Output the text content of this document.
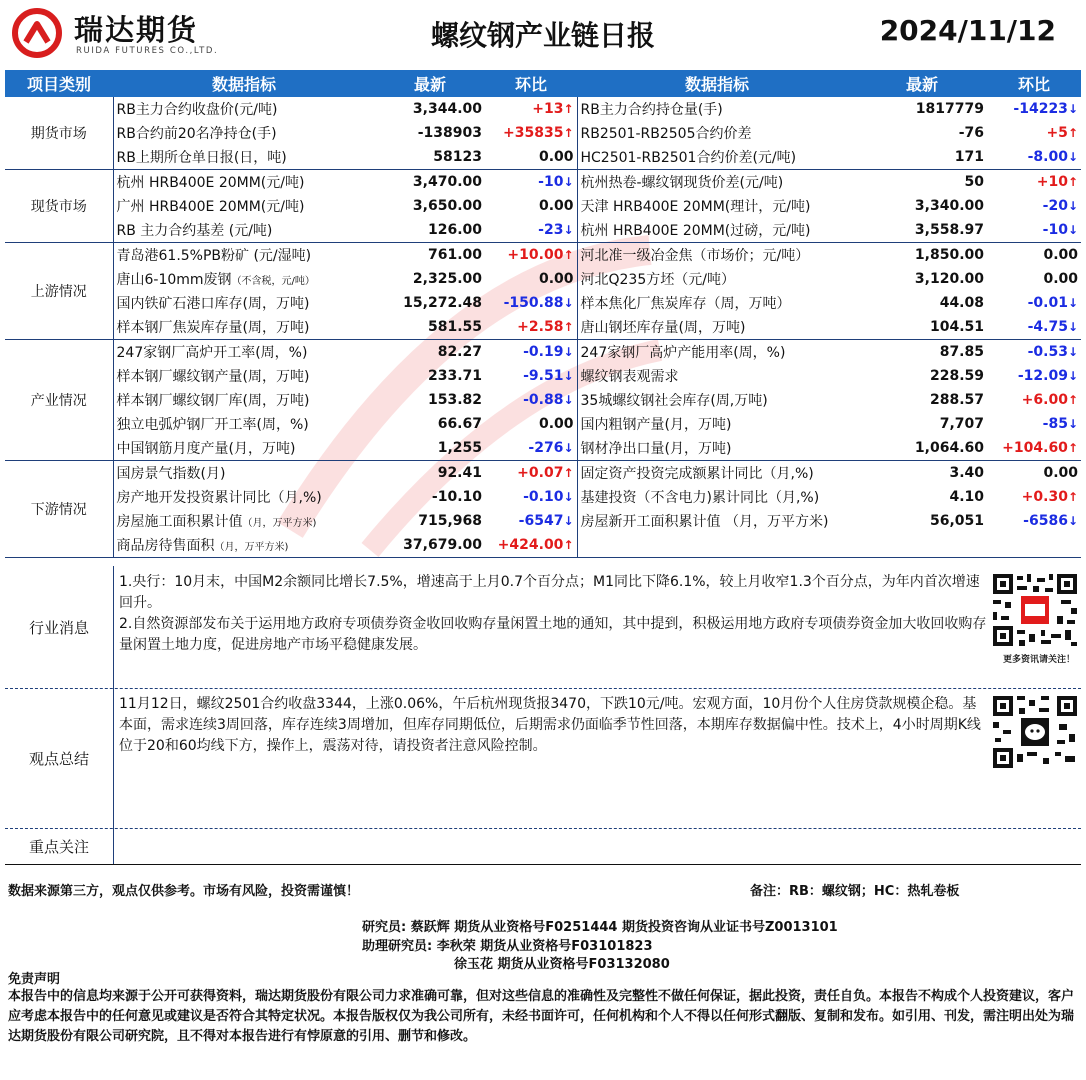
瑞达期货
RUIDA FUTURES CO.,LTD.	螺纹钢产业链日报	2024/11/12
项目类别	数据指标	最新	环比	数据指标	最新	环比
期货市场	RB主力合约收盘价(元/吨)	3,344.00	+13↑	RB主力合约持仓量(手)	1817779	-14223↓
	RB合约前20名净持仓(手)	-138903	+35835↑	RB2501-RB2505合约价差	-76	+5↑
	RB上期所仓单日报(日，吨)	58123	0.00	HC2501-RB2501合约价差(元/吨)	171	-8.00↓
现货市场	杭州 HRB400E 20MM(元/吨)	3,470.00	-10↓	杭州热卷-螺纹钢现货价差(元/吨)	50	+10↑
	广州 HRB400E 20MM(元/吨)	3,650.00	0.00	天津 HRB400E 20MM(理计，元/吨)	3,340.00	-20↓
	RB 主力合约基差 (元/吨)	126.00	-23↓	杭州 HRB400E 20MM(过磅，元/吨)	3,558.97	-10↓
上游情况	青岛港61.5%PB粉矿 (元/湿吨)	761.00	+10.00↑	河北准一级冶金焦（市场价；元/吨）	1,850.00	0.00
	唐山6-10mm废钢（不含税，元/吨）	2,325.00	0.00	河北Q235方坯（元/吨）	3,120.00	0.00
	国内铁矿石港口库存(周，万吨)	15,272.48	-150.88↓	样本焦化厂焦炭库存（周，万吨）	44.08	-0.01↓
	样本钢厂焦炭库存量(周，万吨)	581.55	+2.58↑	唐山钢坯库存量(周，万吨)	104.51	-4.75↓
产业情况	247家钢厂高炉开工率(周，%)	82.27	-0.19↓	247家钢厂高炉产能用率(周，%)	87.85	-0.53↓
	样本钢厂螺纹钢产量(周，万吨)	233.71	-9.51↓	螺纹钢表观需求	228.59	-12.09↓
	样本钢厂螺纹钢厂库(周，万吨)	153.82	-0.88↓	35城螺纹钢社会库存(周,万吨)	288.57	+6.00↑
	独立电弧炉钢厂开工率(周，%)	66.67	0.00	国内粗钢产量(月，万吨)	7,707	-85↓
	中国钢筋月度产量(月，万吨)	1,255	-276↓	钢材净出口量(月，万吨)	1,064.60	+104.60↑
下游情况	国房景气指数(月)	92.41	+0.07↑	固定资产投资完成额累计同比（月,%)	3.40	0.00
	房产地开发投资累计同比（月,%)	-10.10	-0.10↓	基建投资（不含电力)累计同比（月,%)	4.10	+0.30↑
	房屋施工面积累计值（月，万平方米)	715,968	-6547↓	房屋新开工面积累计值 （月，万平方米)	56,051	-6586↓
	商品房待售面积（月，万平方米)	37,679.00	+424.00↑			
行业消息
1.央行：10月末，中国M2余额同比增长7.5%，增速高于上月0.7个百分点；M1同比下降6.1%，较上月收窄1.3个百分点，为年内首次增速回升。
2.自然资源部发布关于运用地方政府专项债券资金收回收购存量闲置土地的通知，其中提到，积极运用地方政府专项债券资金加大收回收购存量闲置土地力度，促进房地产市场平稳健康发展。
更多资讯请关注！
观点总结
11月12日，螺纹2501合约收盘3344，上涨0.06%，午后杭州现货报3470，下跌10元/吨。宏观方面，10月份个人住房贷款规模企稳。基本面，需求连续3周回落，库存连续3周增加，但库存同期低位，后期需求仍面临季节性回落，本期库存数据偏中性。技术上，4小时周期K线位于20和60均线下方，操作上，震荡对待，请投资者注意风险控制。
重点关注
数据来源第三方，观点仅供参考。市场有风险，投资需谨慎！	备注：RB：螺纹钢；HC：热轧卷板
研究员: 蔡跃辉 期货从业资格号F0251444 期货投资咨询从业证书号Z0013101
助理研究员: 李秋荣 期货从业资格号F03101823
徐玉花 期货从业资格号F03132080
免责声明
本报告中的信息均来源于公开可获得资料，瑞达期货股份有限公司力求准确可靠，但对这些信息的准确性及完整性不做任何保证，据此投资，责任自负。本报告不构成个人投资建议，客户应考虑本报告中的任何意见或建议是否符合其特定状况。本报告版权仅为我公司所有，未经书面许可，任何机构和个人不得以任何形式翻版、复制和发布。如引用、刊发，需注明出处为瑞达期货股份有限公司研究院，且不得对本报告进行有悖原意的引用、删节和修改。
